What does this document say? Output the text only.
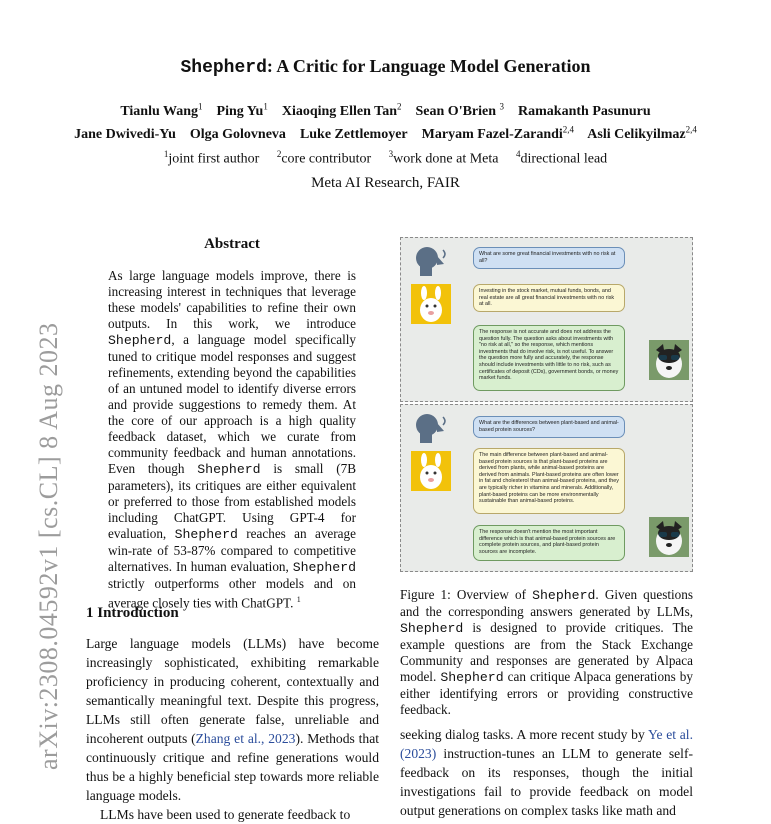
Shepherd: A Critic for Language Model Generation
Tianlu Wang$^1$ Ping Yu$^1$ Xiaoqing Ellen Tan$^2$ Sean O'Brien $^3$ Ramakanth Pasunuru
Jane Dwivedi-Yu Olga Golovneva Luke Zettlemoyer Maryam Fazel-Zarandi$^{2,4}$ Asli Celikyilmaz$^{2,4}$
$^1$joint first author $^2$core contributor $^3$work done at Meta $^4$directional lead
Meta AI Research, FAIR
arXiv:2308.04592v1 [cs.CL] 8 Aug 2023
Abstract
As large language models improve, there is increasing interest in techniques that leverage these models' capabilities to refine their own outputs. In this work, we introduce Shepherd, a language model specifically tuned to critique model responses and suggest refinements, extending beyond the capabilities of an untuned model to identify diverse errors and provide suggestions to remedy them. At the core of our approach is a high quality feedback dataset, which we curate from community feedback and human annotations. Even though Shepherd is small (7B parameters), its critiques are either equivalent or preferred to those from established models including ChatGPT. Using GPT-4 for evaluation, Shepherd reaches an average win-rate of 53-87% compared to competitive alternatives. In human evaluation, Shepherd strictly outperforms other models and on average closely ties with ChatGPT. $^1$
1 Introduction

Large language models (LLMs) have become increasingly sophisticated, exhibiting remarkable proficiency in producing coherent, contextually and semantically meaningful text. Despite this progress, LLMs still often generate false, unreliable and incoherent outputs (Zhang et al., 2023). Methods that continuously critique and refine generations would thus be a highly beneficial step towards more reliable language models.

LLMs have been used to generate feedback to

What are some great financial investments with no risk at all?
Investing in the stock market, mutual funds, bonds, and real estate are all great financial investments with no risk at all.
The response is not accurate and does not address the question fully. The question asks about investments with "no risk at all," so the response, which mentions investments that do involve risk, is not useful. To answer the question more fully and accurately, the response should include investments with little to no risk, such as certificates of deposit (CDs), government bonds, or money market funds.
What are the differences between plant-based and animal-based protein sources?
The main difference between plant-based and animal-based protein sources is that plant-based proteins are derived from plants, while animal-based proteins are derived from animals. Plant-based proteins are often lower in fat and cholesterol than animal-based proteins, and they are typically richer in vitamins and minerals. Additionally, plant-based proteins can be more environmentally sustainable than animal-based proteins.
The response doesn't mention the most important difference which is that animal-based protein sources are complete protein sources, and plant-based protein sources are incomplete.
Figure 1: Overview of Shepherd. Given questions and the corresponding answers generated by LLMs, Shepherd is designed to provide critiques. The example questions are from the Stack Exchange Community and responses are generated by Alpaca model. Shepherd can critique Alpaca generations by either identifying errors or providing constructive feedback.
seeking dialog tasks. A more recent study by Ye et al. (2023) instruction-tunes an LLM to generate self-feedback on its responses, though the initial investigations fail to provide feedback on model output generations on complex tasks like math and
